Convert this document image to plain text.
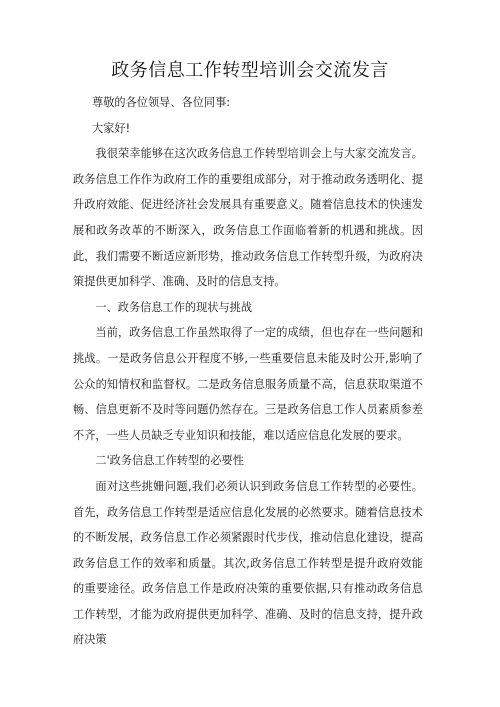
政务信息工作转型培训会交流发言

尊敬的各位领导、各位同事:

大家好!

我很荣幸能够在这次政务信息工作转型培训会上与大家交流发言。政务信息工作作为政府工作的重要组成部分，对于推动政务透明化、提升政府效能、促进经济社会发展具有重要意义。随着信息技术的快速发展和政务改革的不断深入，政务信息工作面临着新的机遇和挑战。因此，我们需要不断适应新形势，推动政务信息工作转型升级，为政府决策提供更加科学、准确、及时的信息支持。

一、政务信息工作的现状与挑战

当前，政务信息工作虽然取得了一定的成绩，但也存在一些问题和挑战。一是政务信息公开程度不够,一些重要信息未能及时公开,影响了公众的知情权和监督权。二是政务信息服务质量不高，信息获取渠道不畅、信息更新不及时等问题仍然存在。三是政务信息工作人员素质参差不齐，一些人员缺乏专业知识和技能，难以适应信息化发展的要求。

二'政务信息工作转型的必要性

面对这些挑姗问题,我们必须认识到政务信息工作转型的必要性。首先，政务信息工作转型是适应信息化发展的必然要求。随着信息技术的不断发展，政务信息工作必须紧跟时代步伐，推动信息化建设，提高政务信息工作的效率和质量。其次,政务信息工作转型是提升政府效能的重要途径。政务信息工作是政府决策的重要依据,只有推动政务信息工作转型，才能为政府提供更加科学、准确、及时的信息支持，提升政府决策
